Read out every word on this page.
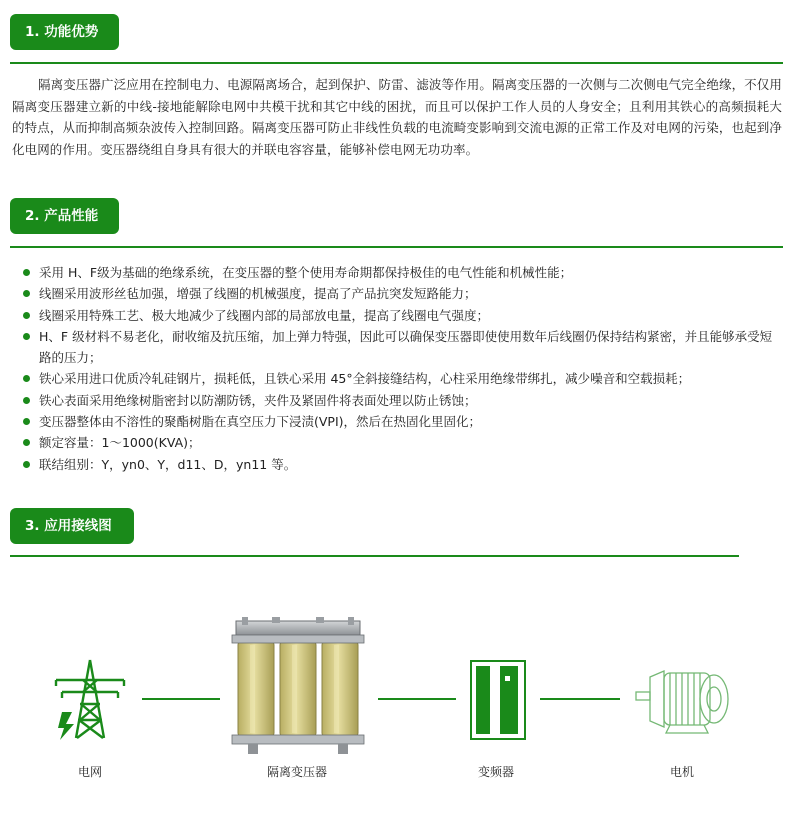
1. 功能优势

隔离变压器广泛应用在控制电力、电源隔离场合，起到保护、防雷、滤波等作用。隔离变压器的一次侧与二次侧电气完全绝缘，不仅用隔离变压器建立新的中线-接地能解除电网中共模干扰和其它中线的困扰，而且可以保护工作人员的人身安全；且利用其铁心的高频损耗大的特点，从而抑制高频杂波传入控制回路。隔离变压器可防止非线性负载的电流畸变影响到交流电源的正常工作及对电网的污染，也起到净化电网的作用。变压器绕组自身具有很大的并联电容容量，能够补偿电网无功功率。

2. 产品性能
采用 H、F级为基础的绝缘系统，在变压器的整个使用寿命期都保持极佳的电气性能和机械性能；
线圈采用波形丝毡加强，增强了线圈的机械强度，提高了产品抗突发短路能力；
线圈采用特殊工艺、极大地减少了线圈内部的局部放电量，提高了线圈电气强度；
H、F 级材料不易老化，耐收缩及抗压缩，加上弹力特强，因此可以确保变压器即使使用数年后线圈仍保持结构紧密，并且能够承受短路的压力；
铁心采用进口优质冷轧硅钢片，损耗低，且铁心采用 45°全斜接缝结构，心柱采用绝缘带绑扎，减少噪音和空载损耗；
铁心表面采用绝缘树脂密封以防潮防锈，夹件及紧固件将表面处理以防止锈蚀；
变压器整体由不溶性的聚酯树脂在真空压力下浸渍(VPI)，然后在热固化里固化；
额定容量：1～1000(KVA)；
联结组别：Y，yn0、Y，d11、D，yn11 等。
3. 应用接线图
电网	隔离变压器	变频器	电机
